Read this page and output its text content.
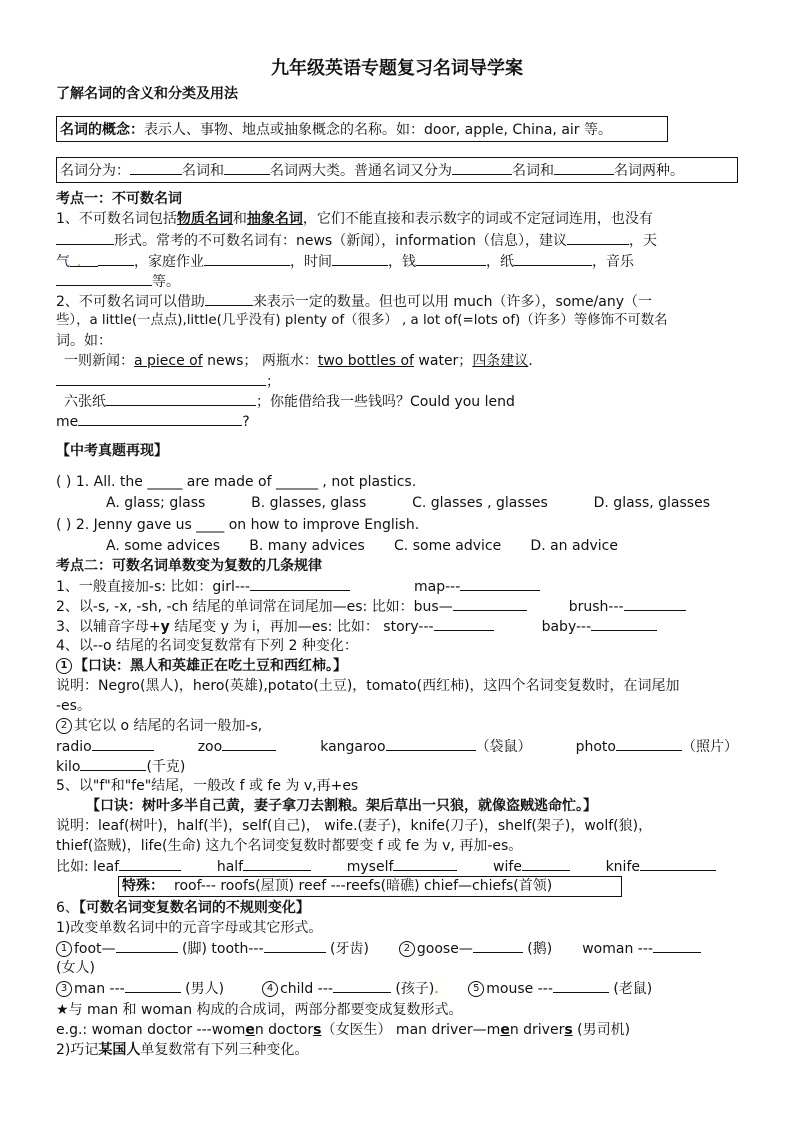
九年级英语专题复习名词导学案
了解名词的含义和分类及用法
名词的概念：表示人、事物、地点或抽象概念的名称。如：door, apple, China, air 等。
名词分为：	名词和	名词两大类。普通名词又分为	名词和	名词两种。
考点一：不可数名词
1、不可数名词包括物质名词和抽象名词，它们不能直接和表示数字的词或不定冠词连用，也没有
形式。常考的不可数名词有：news（新闻），information（信息），建议	，天
气 ．	，家庭作业	，时间	，钱	，纸	，音乐
等。
2、不可数名词可以借助	来表示一定的数量。但也可以用 much（许多），some/any（一
些），a little(一点点),little(几乎没有) plenty of（很多） , a lot of(=lots of)（许多）等修饰不可数名
词。如：
一则新闻：a piece of news； 两瓶水：two bottles of water；四条建议．
；
六张纸	；你能借给我一些钱吗？Could you lend
me	?
【中考真题再现】
( ) 1. All. the _____ are made of ______ , not plastics.
A. glass; glass	B. glasses, glass	C. glasses , glasses	D. glass, glasses
( ) 2. Jenny gave us ____ on how to improve English.
A. some advices B. many advices C. some advice D. an advice
考点二：可数名词单数变为复数的几条规律
1、一般直接加-s: 比如：girl---	map---
2、以-s, -x, -sh, -ch 结尾的单词常在词尾加—es: 比如：bus—	brush---
3、以辅音字母+y 结尾变 y 为 i，再加—es: 比如： story---	baby---
4、以--o 结尾的名词变复数常有下列 2 种变化：
1 【口诀：黑人和英雄正在吃土豆和西红柿。】
说明：Negro(黑人)，hero(英雄),potato(土豆)，tomato(西红柿)，这四个名词变复数时，在词尾加
-es。
2 其它以 o 结尾的名词一般加-s,
radio	zoo	kangaroo	（袋鼠）	photo	（照片）
kilo	(千克)
5、以"f"和"fe"结尾，一般改 f 或 fe 为 v,再+es
【口诀：树叶多半自己黄，妻子拿刀去割粮。架后草出一只狼，就像盗贼逃命忙。】
说明：leaf(树叶)，half(半)，self(自己)， wife.(妻子)，knife(刀子)，shelf(架子)，wolf(狼)，
thief(盗贼)，life(生命) 这九个名词变复数时都要变 f 或 fe 为 v, 再加-es。
比如: leaf	half	myself	wife	knife
特殊： roof--- roofs(屋顶) reef ---reefs(暗礁) chief—chiefs(首领)
6、【可数名词变复数名词的不规则变化】
1)改变单数名词中的元音字母或其它形式。
1 foot—	(脚) tooth---	(牙齿)	2 goose—	(鹅) woman ---
(女人)
3 man ---	(男人)	4 child ---	(孩子)． 5 mouse ---	(老鼠)
★与 man 和 woman 构成的合成词，两部分都要变成复数形式。
e.g.: woman doctor ---women doctors（女医生） man driver—men drivers (男司机)
2)巧记某国人单复数常有下列三种变化。
